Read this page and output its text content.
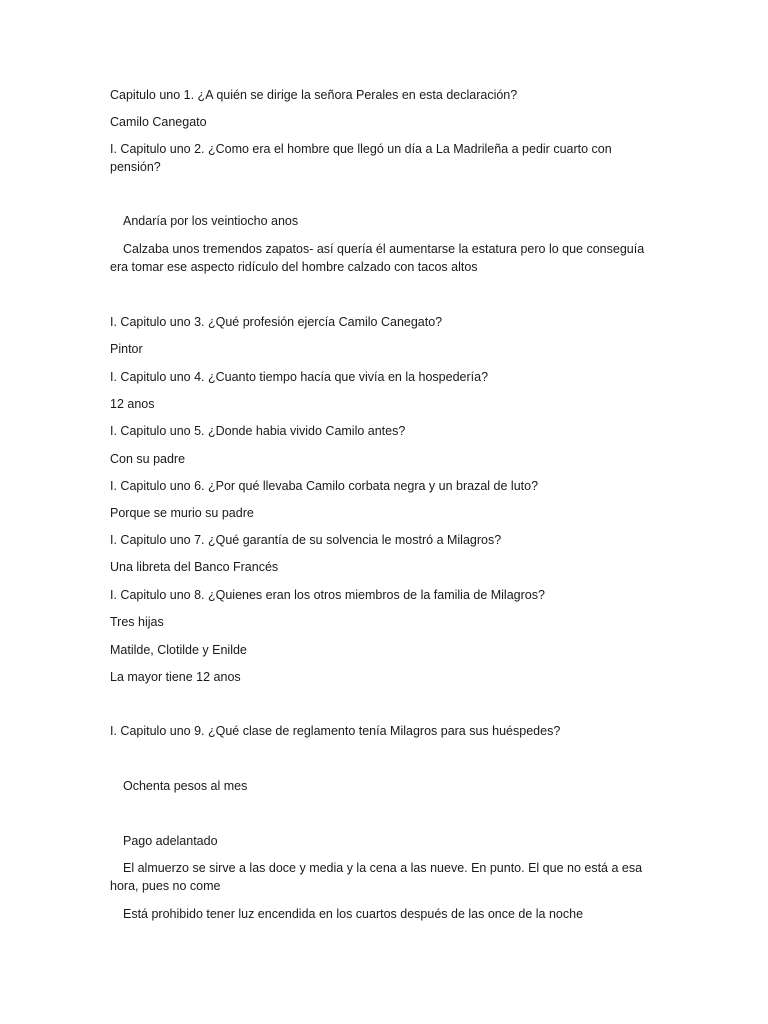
Capitulo uno 1. ¿A quién se dirige la señora Perales en esta declaración?

Camilo Canegato

I. Capitulo uno 2. ¿Como era el hombre que llegó un día a La Madrileña a pedir cuarto con pensión?

Andaría por los veintiocho anos

Calzaba unos tremendos zapatos- así quería él aumentarse la estatura pero lo que conseguía era tomar ese aspecto ridículo del hombre calzado con tacos altos

I. Capitulo uno 3. ¿Qué profesión ejercía Camilo Canegato?

Pintor

I. Capitulo uno 4. ¿Cuanto tiempo hacía que vivía en la hospedería?

12 anos

I. Capitulo uno 5. ¿Donde habia vivido Camilo antes?

Con su padre

I. Capitulo uno 6. ¿Por qué llevaba Camilo corbata negra y un brazal de luto?

Porque se murio su padre

I. Capitulo uno 7. ¿Qué garantía de su solvencia le mostró a Milagros?

Una libreta del Banco Francés

I. Capitulo uno 8. ¿Quienes eran los otros miembros de la familia de Milagros?

Tres hijas

Matilde, Clotilde y Enilde

La mayor tiene 12 anos

I. Capitulo uno 9. ¿Qué clase de reglamento tenía Milagros para sus huéspedes?

Ochenta pesos al mes

Pago adelantado

El almuerzo se sirve a las doce y media y la cena a las nueve. En punto. El que no está a esa hora, pues no come

Está prohibido tener luz encendida en los cuartos después de las once de la noche
